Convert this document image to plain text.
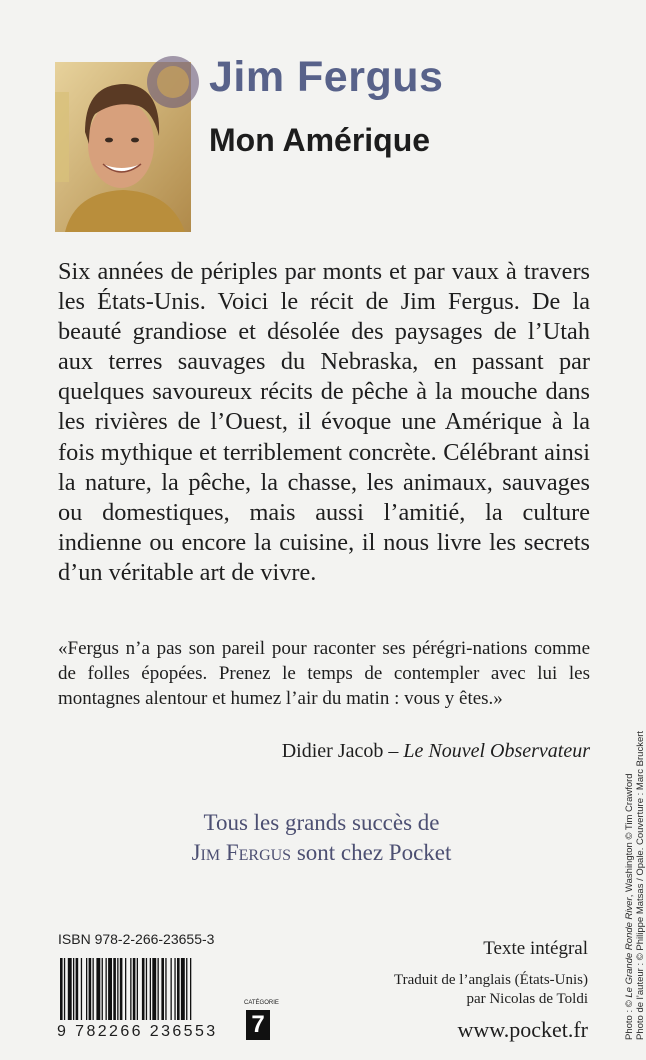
Jim Fergus
Mon Amérique
Six années de périples par monts et par vaux à travers les États-Unis. Voici le récit de Jim Fergus. De la beauté grandiose et désolée des paysages de l’Utah aux terres sauvages du Nebraska, en passant par quelques savoureux récits de pêche à la mouche dans les rivières de l’Ouest, il évoque une Amérique à la fois mythique et terriblement concrète. Célébrant ainsi la nature, la pêche, la chasse, les animaux, sauvages ou domestiques, mais aussi l’amitié, la culture indienne ou encore la cuisine, il nous livre les secrets d’un véritable art de vivre.
«Fergus n’a pas son pareil pour raconter ses pérégri-nations comme de folles épopées. Prenez le temps de contempler avec lui les montagnes alentour et humez l’air du matin : vous y êtes.»
Didier Jacob – Le Nouvel Observateur
Tous les grands succès de
Jim Fergus sont chez Pocket
ISBN 978-2-266-23655-3
9 782266 236553
CATÉGORIE
7
Texte intégral
Traduit de l’anglais (États-Unis)
par Nicolas de Toldi
www.pocket.fr	Photo : © Le Grande Ronde River, Washington © Tim Crawford Photo de l’auteur : © Philippe Matsas / Opale. Couverture : Marc Bruckert
